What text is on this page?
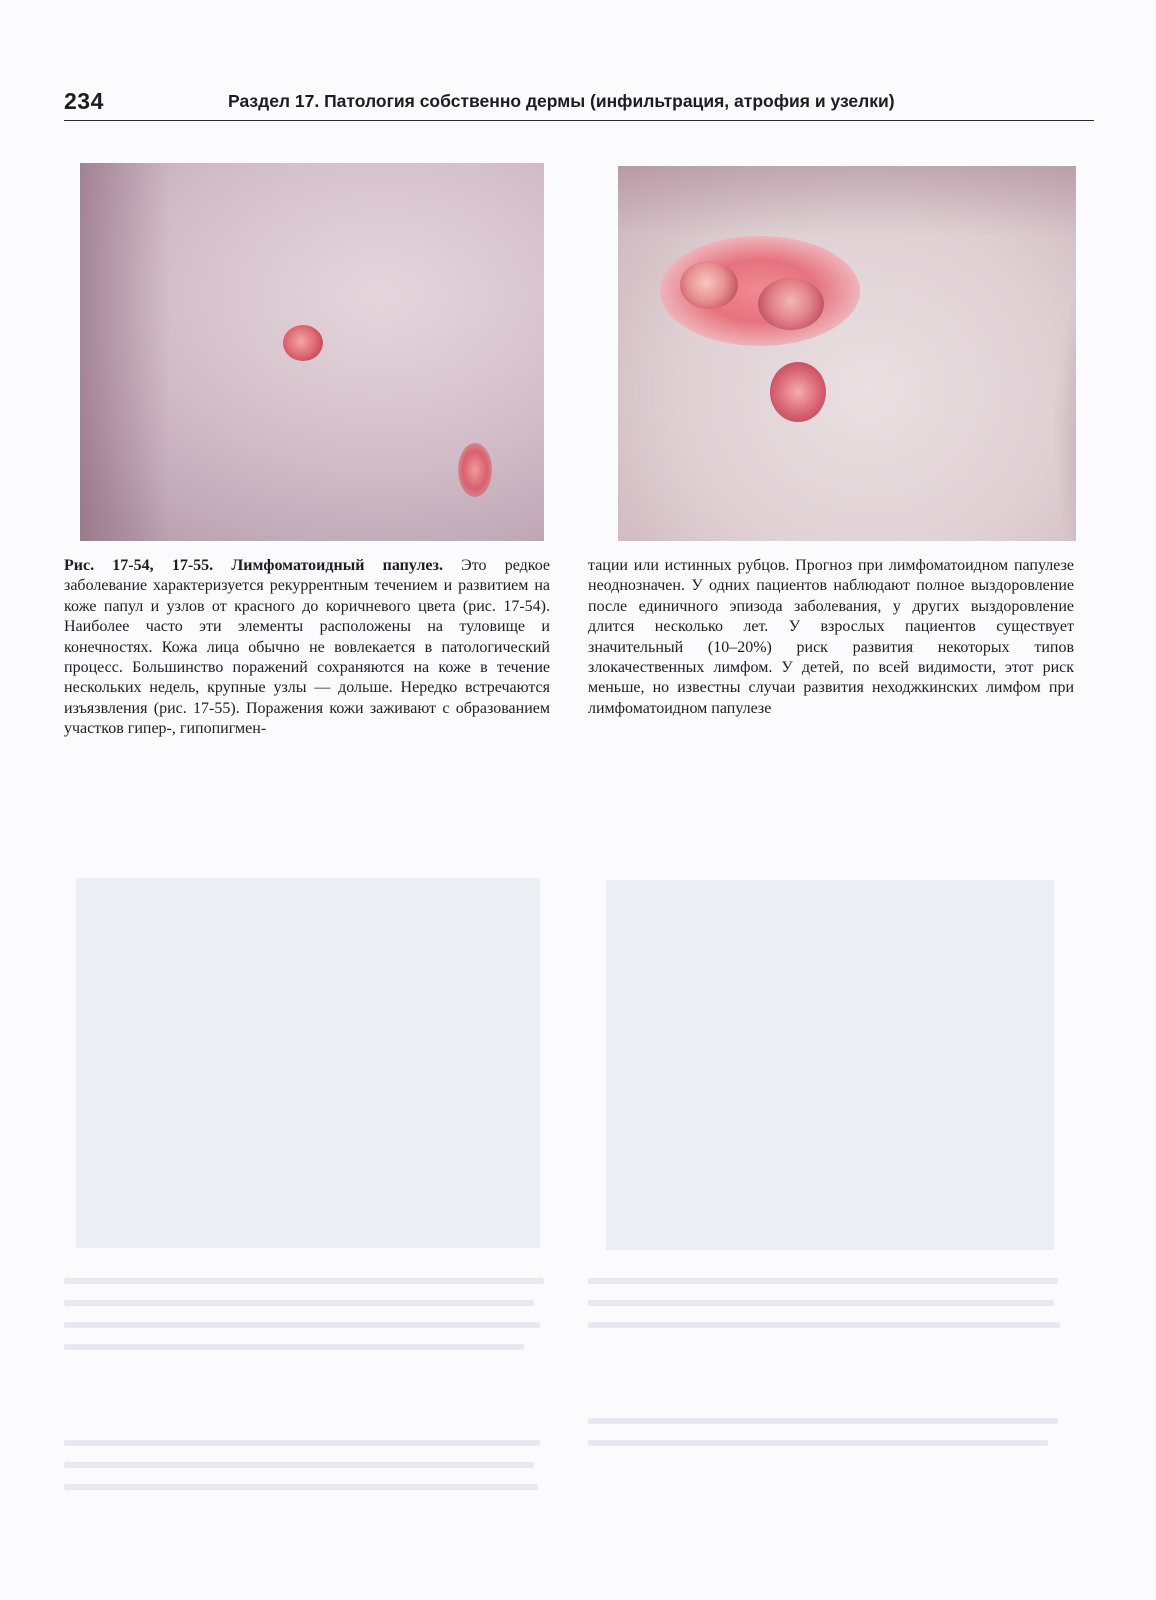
234	Раздел 17. Патология собственно дермы (инфильтрация, атрофия и узелки)
Рис. 17-54, 17-55. Лимфоматоидный папулез. Это редкое заболевание характеризуется рекуррентным течением и развитием на коже папул и узлов от красного до коричневого цвета (рис. 17-54). Наиболее часто эти элементы расположены на туловище и конечностях. Кожа лица обычно не вовлекается в патологический процесс. Большинство поражений сохраняются на коже в течение нескольких недель, крупные узлы — дольше. Нередко встречаются изъязвления (рис. 17-55). Поражения кожи заживают с образованием участков гипер-, гипопигмен-
тации или истинных рубцов. Прогноз при лимфоматоидном папулезе неоднозначен. У одних пациентов наблюдают полное выздоровление после единичного эпизода заболевания, у других выздоровление длится несколько лет. У взрослых пациентов существует значительный (10–20%) риск развития некоторых типов злокачественных лимфом. У детей, по всей видимости, этот риск меньше, но известны случаи развития неходжкинских лимфом при лимфоматоидном папулезе
